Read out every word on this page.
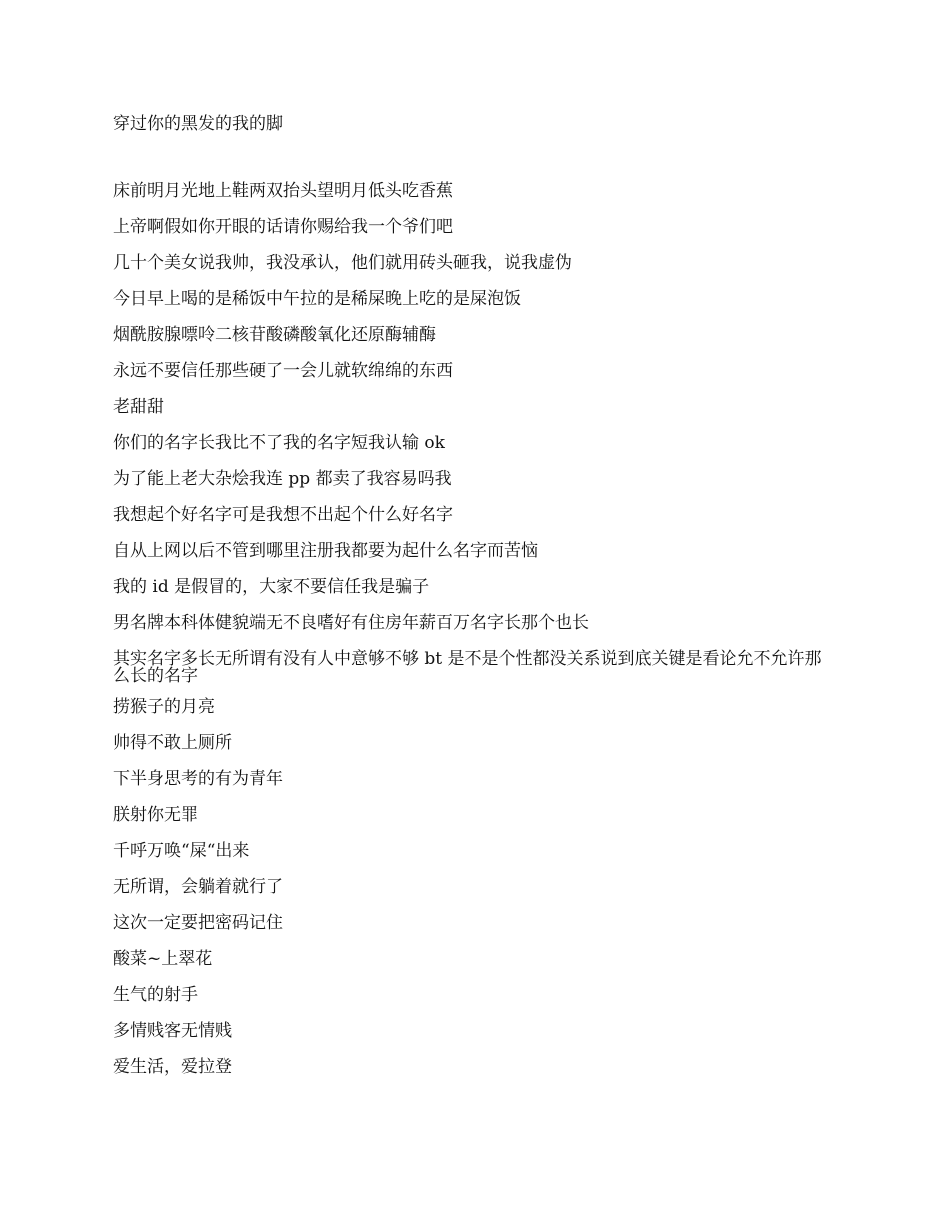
穿过你的黑发的我的脚
床前明月光地上鞋两双抬头望明月低头吃香蕉
上帝啊假如你开眼的话请你赐给我一个爷们吧
几十个美女说我帅，我没承认，他们就用砖头砸我，说我虚伪
今日早上喝的是稀饭中午拉的是稀屎晚上吃的是屎泡饭
烟酰胺腺嘌呤二核苷酸磷酸氧化还原酶辅酶
永远不要信任那些硬了一会儿就软绵绵的东西
老甜甜
你们的名字长我比不了我的名字短我认输 ok
为了能上老大杂烩我连 pp 都卖了我容易吗我
我想起个好名字可是我想不出起个什么好名字
自从上网以后不管到哪里注册我都要为起什么名字而苦恼
我的 id 是假冒的，大家不要信任我是骗子
男名牌本科体健貌端无不良嗜好有住房年薪百万名字长那个也长
其实名字多长无所谓有没有人中意够不够 bt 是不是个性都没关系说到底关键是看论允不允许那么长的名字
捞猴子的月亮
帅得不敢上厕所
下半身思考的有为青年
朕射你无罪
千呼万唤“屎“出来
无所谓，会躺着就行了
这次一定要把密码记住
酸菜~上翠花
生气的射手
多情贱客无情贱
爱生活，爱拉登
